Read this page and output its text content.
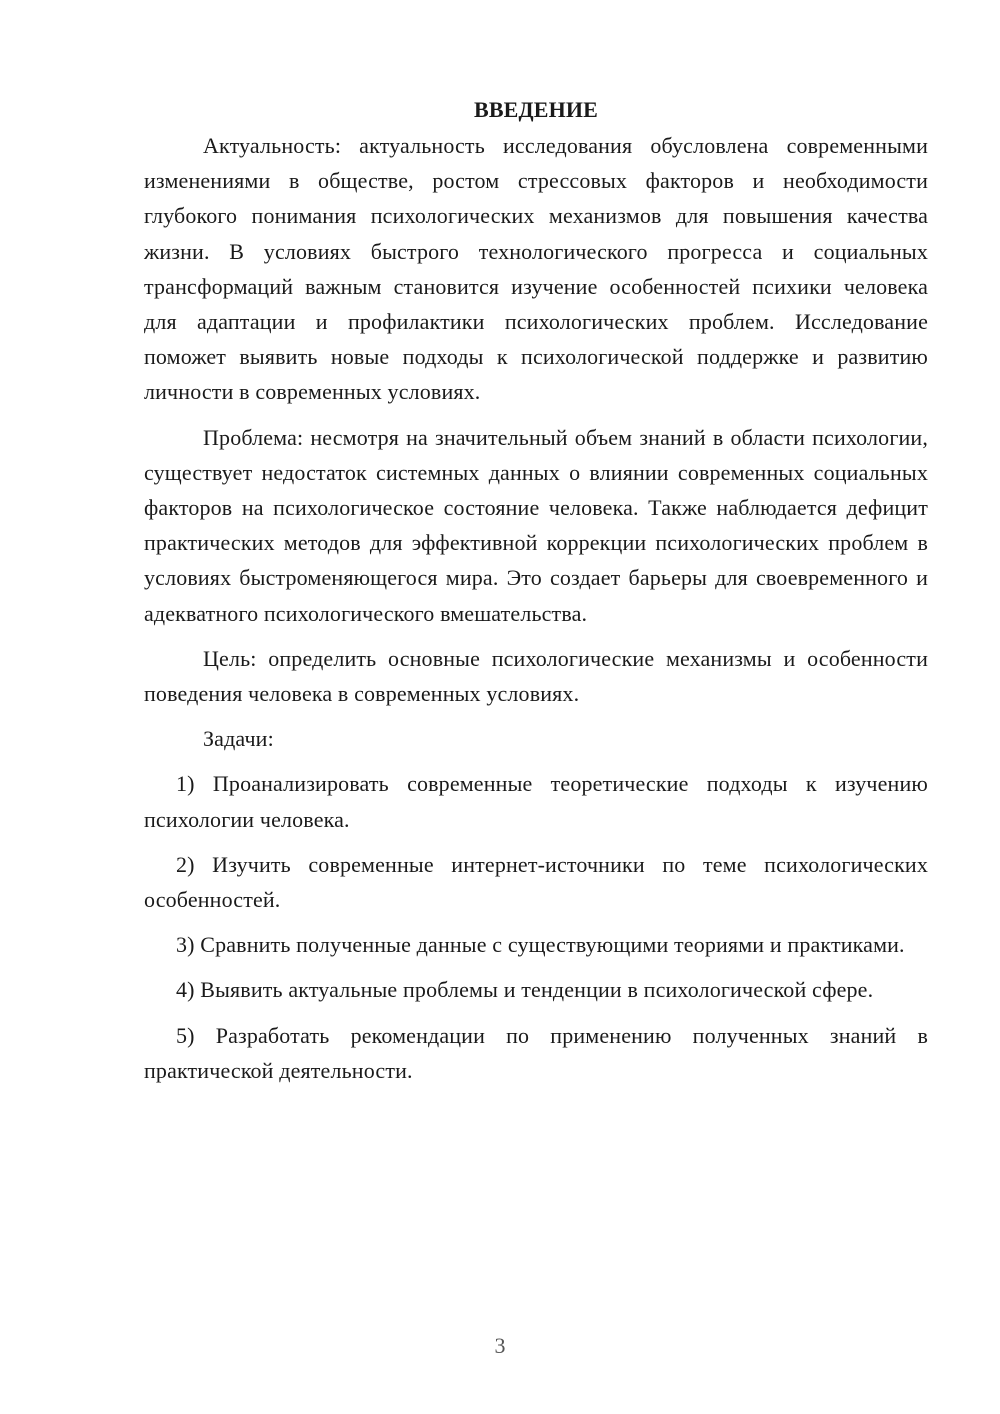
ВВЕДЕНИЕ

Актуальность: актуальность исследования обусловлена современными изменениями в обществе, ростом стрессовых факторов и необходимости глубокого понимания психологических механизмов для повышения качества жизни. В условиях быстрого технологического прогресса и социальных трансформаций важным становится изучение особенностей психики человека для адаптации и профилактики психологических проблем. Исследование поможет выявить новые подходы к психологической поддержке и развитию личности в современных условиях.

Проблема: несмотря на значительный объем знаний в области психологии, существует недостаток системных данных о влиянии современных социальных факторов на психологическое состояние человека. Также наблюдается дефицит практических методов для эффективной коррекции психологических проблем в условиях быстроменяющегося мира. Это создает барьеры для своевременного и адекватного психологического вмешательства.

Цель: определить основные психологические механизмы и особенности поведения человека в современных условиях.

Задачи:

1) Проанализировать современные теоретические подходы к изучению психологии человека.

2) Изучить современные интернет-источники по теме психологических особенностей.

3) Сравнить полученные данные с существующими теориями и практиками.

4) Выявить актуальные проблемы и тенденции в психологической сфере.

5) Разработать рекомендации по применению полученных знаний в практической деятельности.

3
